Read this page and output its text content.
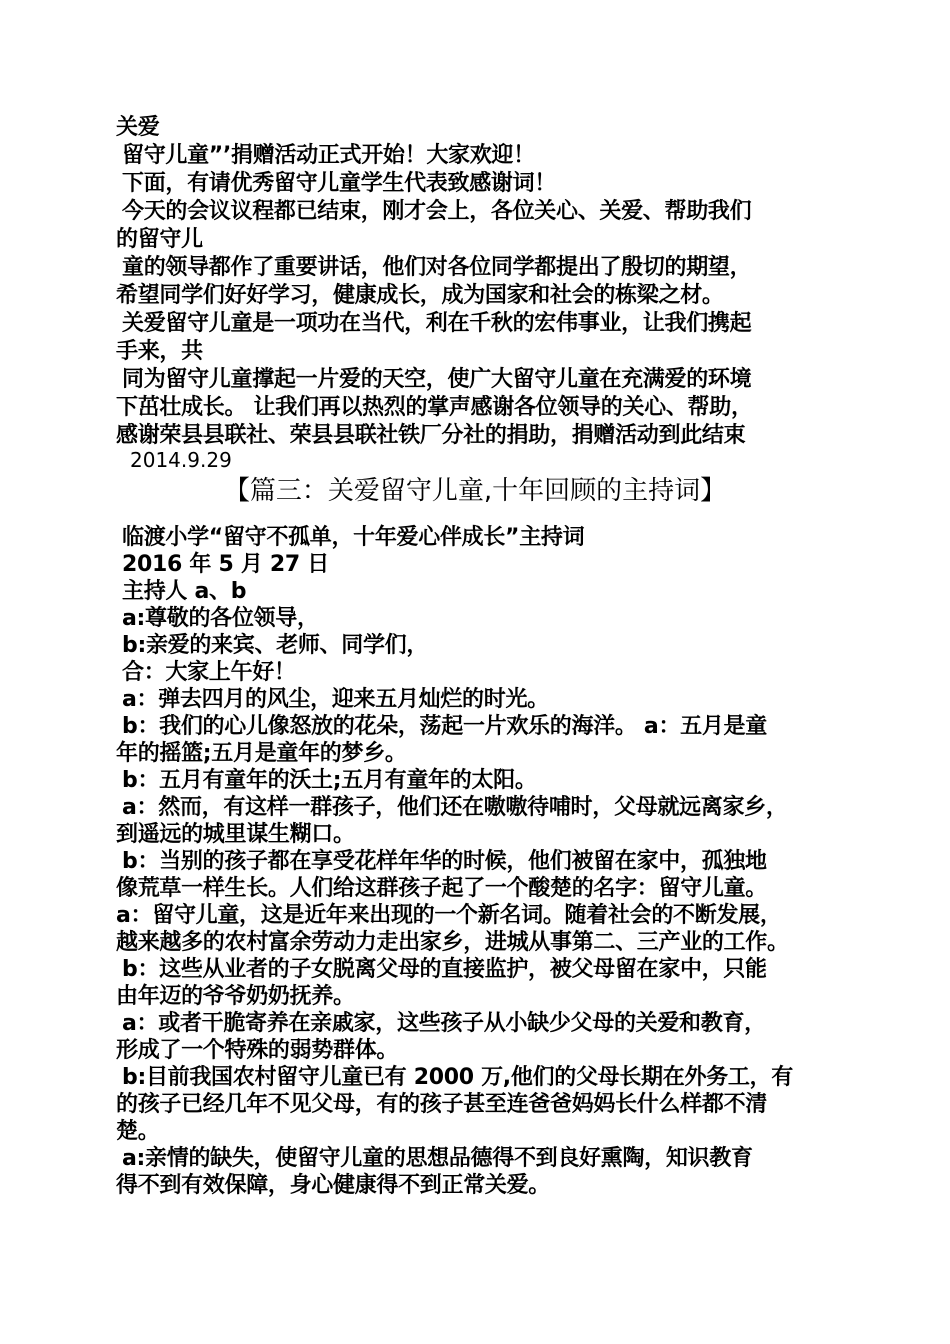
关爱
留守儿童”’捐赠活动正式开始！大家欢迎！
下面，有请优秀留守儿童学生代表致感谢词！
今天的会议议程都已结束，刚才会上，各位关心、关爱、帮助我们
的留守儿
童的领导都作了重要讲话，他们对各位同学都提出了殷切的期望，
希望同学们好好学习，健康成长，成为国家和社会的栋梁之材。
关爱留守儿童是一项功在当代，利在千秋的宏伟事业，让我们携起
手来，共
同为留守儿童撑起一片爱的天空，使广大留守儿童在充满爱的环境
下茁壮成长。 让我们再以热烈的掌声感谢各位领导的关心、帮助，
感谢荣县县联社、荣县县联社铁厂分社的捐助，捐赠活动到此结束
2014.9.29
【篇三：关爱留守儿童,十年回顾的主持词】
临渡小学“留守不孤单，十年爱心伴成长”主持词
2016 年 5 月 27 日
主持人 a、b
a:尊敬的各位领导，
b:亲爱的来宾、老师、同学们，
合：大家上午好！
a：弹去四月的风尘，迎来五月灿烂的时光。
b：我们的心儿像怒放的花朵，荡起一片欢乐的海洋。 a：五月是童
年的摇篮;五月是童年的梦乡。
b：五月有童年的沃土;五月有童年的太阳。
a：然而，有这样一群孩子，他们还在嗷嗷待哺时，父母就远离家乡，
到遥远的城里谋生糊口。
b：当别的孩子都在享受花样年华的时候，他们被留在家中，孤独地
像荒草一样生长。人们给这群孩子起了一个酸楚的名字：留守儿童。
a：留守儿童，这是近年来出现的一个新名词。随着社会的不断发展，
越来越多的农村富余劳动力走出家乡，进城从事第二、三产业的工作。
b：这些从业者的子女脱离父母的直接监护，被父母留在家中，只能
由年迈的爷爷奶奶抚养。
a：或者干脆寄养在亲戚家，这些孩子从小缺少父母的关爱和教育，
形成了一个特殊的弱势群体。
b:目前我国农村留守儿童已有 2000 万,他们的父母长期在外务工，有
的孩子已经几年不见父母，有的孩子甚至连爸爸妈妈长什么样都不清
楚。
a:亲情的缺失，使留守儿童的思想品德得不到良好熏陶，知识教育
得不到有效保障，身心健康得不到正常关爱。
